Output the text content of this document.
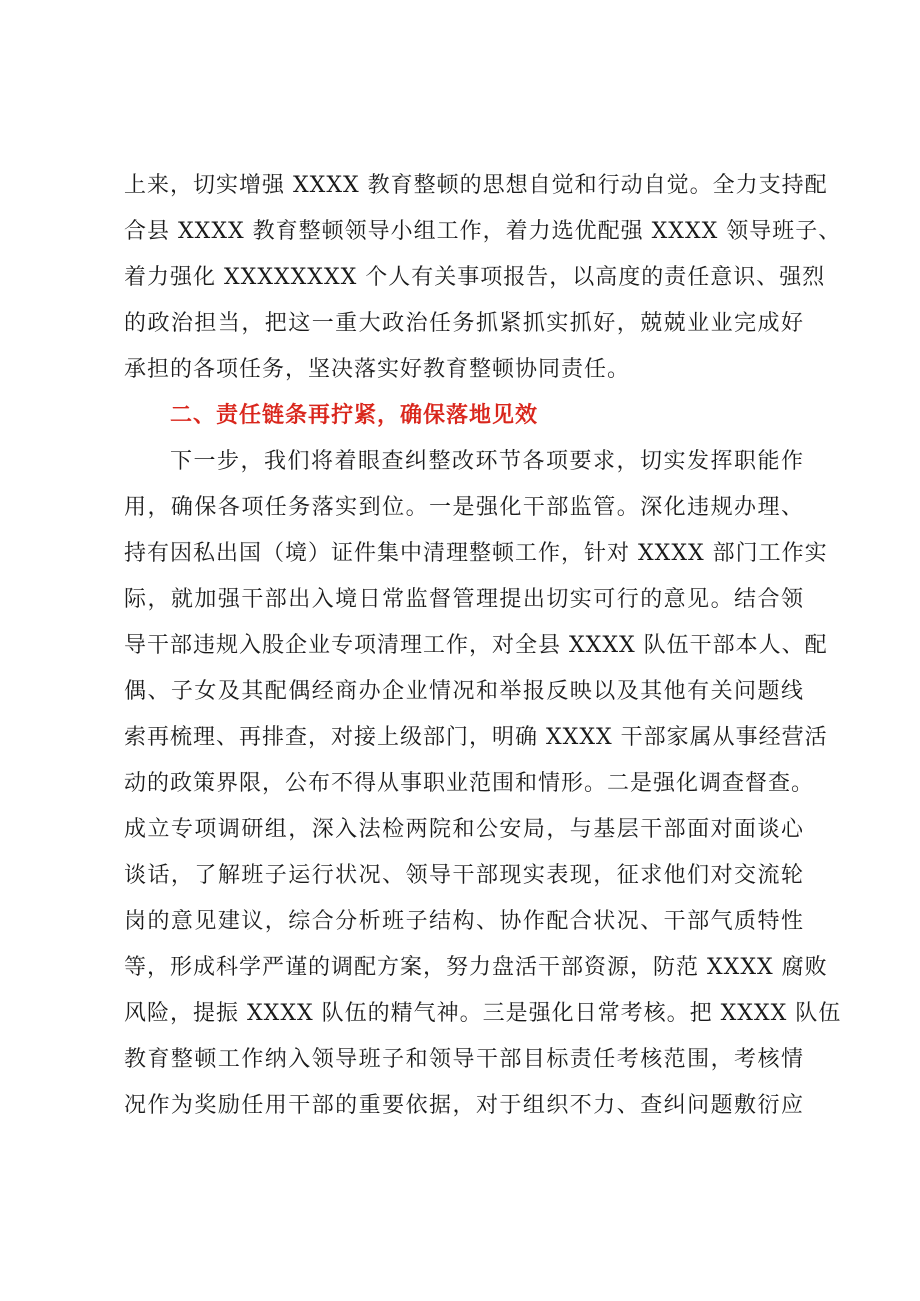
上来，切实增强 XXXX 教育整顿的思想自觉和行动自觉。全力支持配
合县 XXXX 教育整顿领导小组工作，着力选优配强 XXXX 领导班子、
着力强化 XXXXXXXX 个人有关事项报告，以高度的责任意识、强烈
的政治担当，把这一重大政治任务抓紧抓实抓好，兢兢业业完成好
承担的各项任务，坚决落实好教育整顿协同责任。
二、责任链条再拧紧，确保落地见效
下一步，我们将着眼查纠整改环节各项要求，切实发挥职能作
用，确保各项任务落实到位。一是强化干部监管。深化违规办理、
持有因私出国（境）证件集中清理整顿工作，针对 XXXX 部门工作实
际，就加强干部出入境日常监督管理提出切实可行的意见。结合领
导干部违规入股企业专项清理工作，对全县 XXXX 队伍干部本人、配
偶、子女及其配偶经商办企业情况和举报反映以及其他有关问题线
索再梳理、再排查，对接上级部门，明确 XXXX 干部家属从事经营活
动的政策界限，公布不得从事职业范围和情形。二是强化调查督查。
成立专项调研组，深入法检两院和公安局，与基层干部面对面谈心
谈话，了解班子运行状况、领导干部现实表现，征求他们对交流轮
岗的意见建议，综合分析班子结构、协作配合状况、干部气质特性
等，形成科学严谨的调配方案，努力盘活干部资源，防范 XXXX 腐败
风险，提振 XXXX 队伍的精气神。三是强化日常考核。把 XXXX 队伍
教育整顿工作纳入领导班子和领导干部目标责任考核范围，考核情
况作为奖励任用干部的重要依据，对于组织不力、查纠问题敷衍应
